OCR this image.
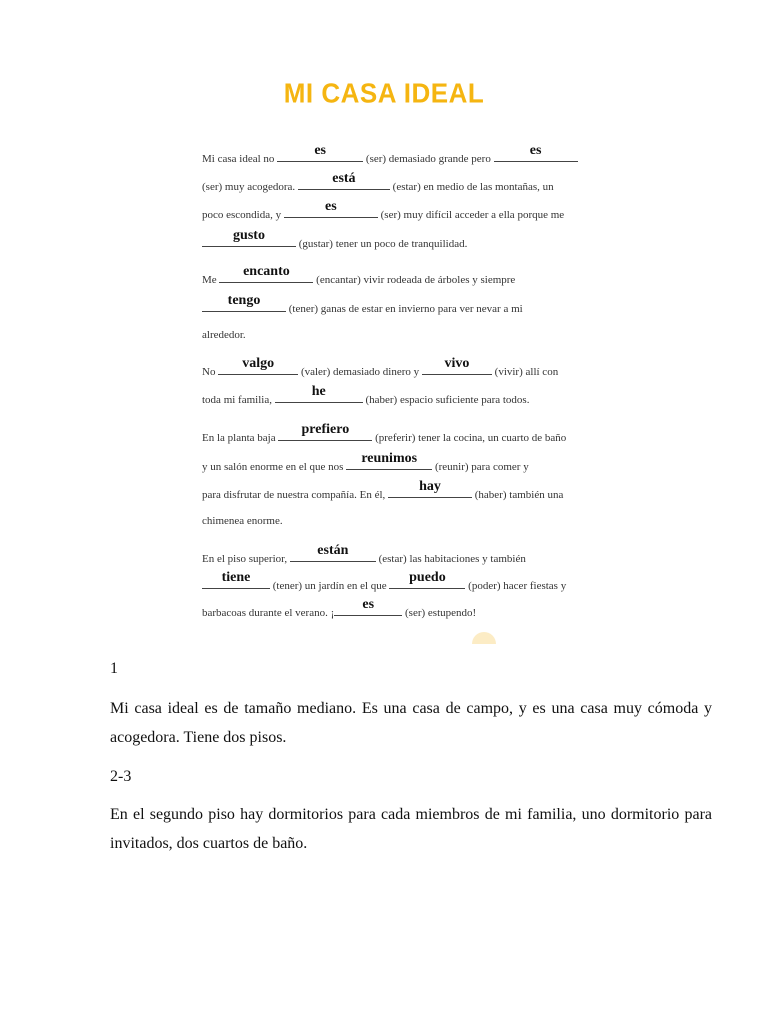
MI CASA IDEAL
Mi casa ideal no
es
(ser) demasiado grande pero
es
(ser) muy acogedora.
está
(estar) en medio de las montañas, un
poco escondida, y
es
(ser) muy difícil acceder a ella porque me
gusto
(gustar) tener un poco de tranquilidad.
Me
encanto
(encantar) vivir rodeada de árboles y siempre
tengo
(tener) ganas de estar en invierno para ver nevar a mi
alrededor.
No
valgo
(valer) demasiado dinero y
vivo
(vivir) allí con
toda mi familia,
he
(haber) espacio suficiente para todos.
En la planta baja
prefiero
(preferir) tener la cocina, un cuarto de baño
y un salón enorme en el que nos
reunimos
(reunir) para comer y
para disfrutar de nuestra compañía. En él,
hay
(haber) también una
chimenea enorme.
En el piso superior,
están
(estar) las habitaciones y también
tiene
(tener) un jardín en el que
puedo
(poder) hacer fiestas y
barbacoas durante el verano. ¡
es
(ser) estupendo!
1
Mi casa ideal es de tamaño mediano. Es una casa de campo, y es una casa muy cómoda y acogedora. Tiene dos pisos.
2-3
En el segundo piso hay dormitorios para cada miembros de mi familia, uno dormitorio para invitados, dos cuartos de baño.
